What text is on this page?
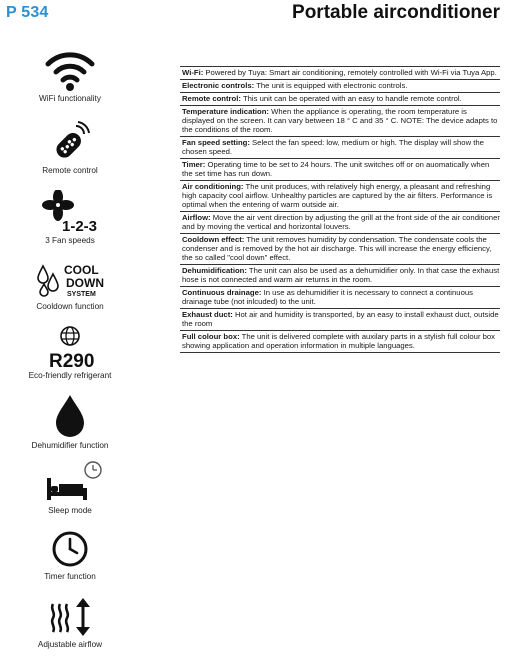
P 534	Portable airconditioner
WiFi functionality
Remote control
1-2-3
3 Fan speeds
COOL
DOWN
SYSTEM
Cooldown function
R290
Eco-friendly refrigerant
Dehumidifier function
Sleep mode
Timer function
Adjustable airflow
Wi-Fi: Powered by Tuya: Smart air conditioning, remotely controlled with Wi-Fi via Tuya App.
Electronic controls: The unit is equipped with electronic controls.
Remote control: This unit can be operated with an easy to handle remote control.
Temperature indication: When the appliance is operating, the room temperature is displayed on the screen. It can vary between 18 ° C and 35 ° C. NOTE: The device adapts to the conditions of the room.
Fan speed setting: Select the fan speed: low, medium or high. The display will show the chosen speed.
Timer: Operating time to be set to 24 hours. The unit switches off or on auomatically when the set time has run down.
Air conditioning: The unit produces, with relatively high energy, a pleasant and refreshing high capacity cool airflow. Unhealthy particles are captured by the air filters. Performance is optimal when the entering of warm outside air.
Airflow: Move the air vent direction by adjusting the grill at the front side of the air conditioner and by moving the vertical and horizontal louvers.
Cooldown effect: The unit removes humidity by condensation. The condensate cools the condenser and is removed by the hot air discharge. This will increase the energy efficiency, the so called "cool down" effect.
Dehumidification: The unit can also be used as a dehumidifier only. In that case the exhaust hose is not connected and warm air returns in the room.
Continuous drainage: In use as dehumidifier it is necessary to connect a continuous drainage tube (not inlcuded) to the unit.
Exhaust duct: Hot air and humidity is transported, by an easy to install exhaust duct, outside the room
Full colour box: The unit is delivered complete with auxilary parts in a stylish full colour box showing application and operation information in multiple languages.
